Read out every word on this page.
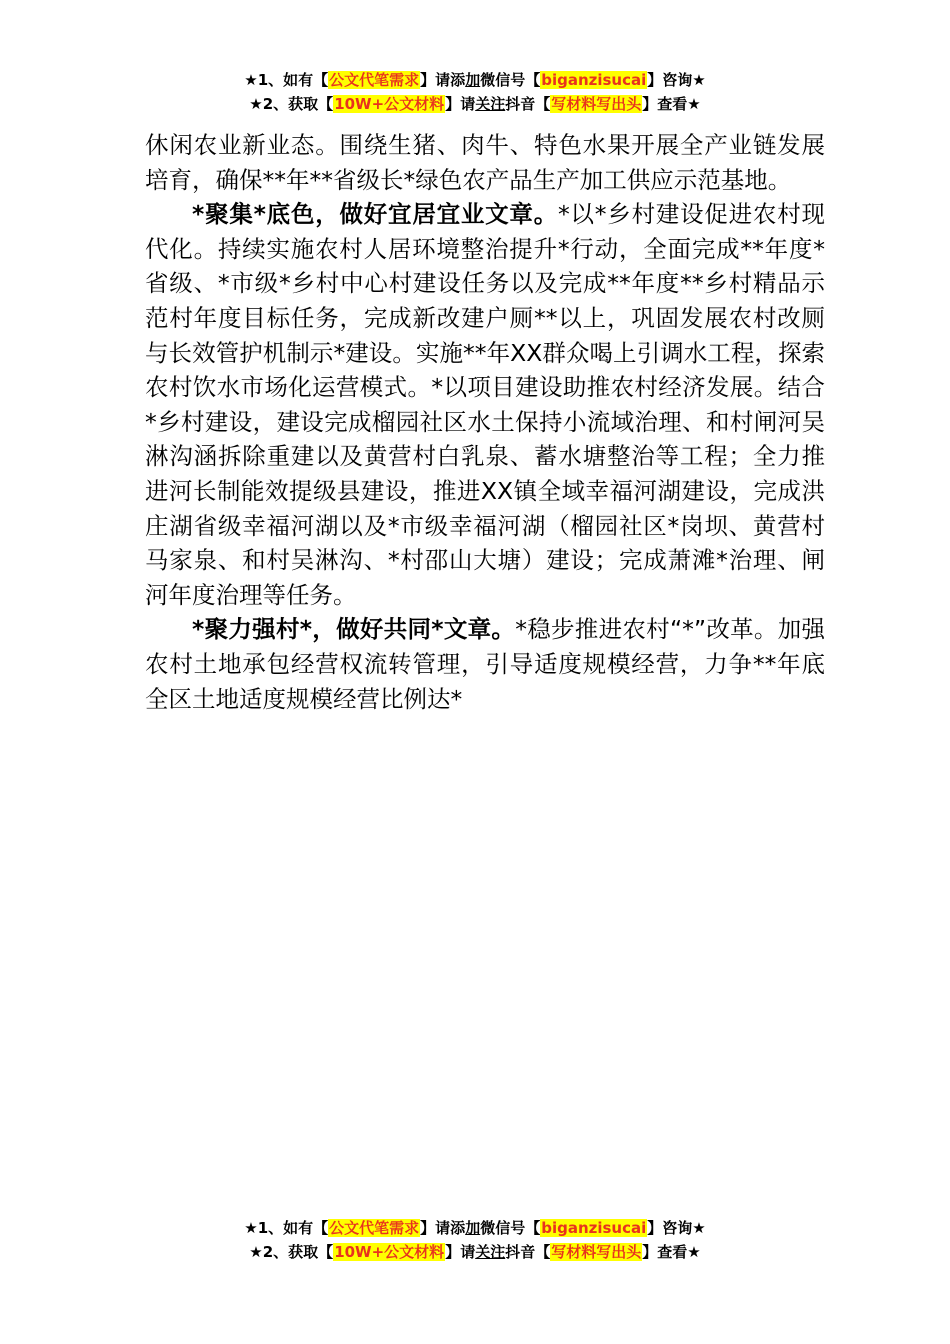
★1、如有【公文代笔需求】请添加微信号【biganzisucai】咨询★
★2、获取【10W+公文材料】请关注抖音【写材料写出头】查看★

休闲农业新业态。围绕生猪、肉牛、特色水果开展全产业链发展培育，确保**年**省级长*绿色农产品生产加工供应示范基地。

*聚集*底色，做好宜居宜业文章。*以*乡村建设促进农村现代化。持续实施农村人居环境整治提升*行动，全面完成**年度*省级、*市级*乡村中心村建设任务以及完成**年度**乡村精品示范村年度目标任务，完成新改建户厕**以上，巩固发展农村改厕与长效管护机制示*建设。实施**年XX群众喝上引调水工程，探索农村饮水市场化运营模式。*以项目建设助推农村经济发展。结合*乡村建设，建设完成榴园社区水土保持小流域治理、和村闸河吴淋沟涵拆除重建以及黄营村白乳泉、蓄水塘整治等工程；全力推进河长制能效提级县建设，推进XX镇全域幸福河湖建设，完成洪庄湖省级幸福河湖以及*市级幸福河湖（榴园社区*岗坝、黄营村马家泉、和村吴淋沟、*村邵山大塘）建设；完成萧滩*治理、闸河年度治理等任务。

*聚力强村*，做好共同*文章。*稳步推进农村“*”改革。加强农村土地承包经营权流转管理，引导适度规模经营，力争**年底全区土地适度规模经营比例达*

★1、如有【公文代笔需求】请添加微信号【biganzisucai】咨询★
★2、获取【10W+公文材料】请关注抖音【写材料写出头】查看★
